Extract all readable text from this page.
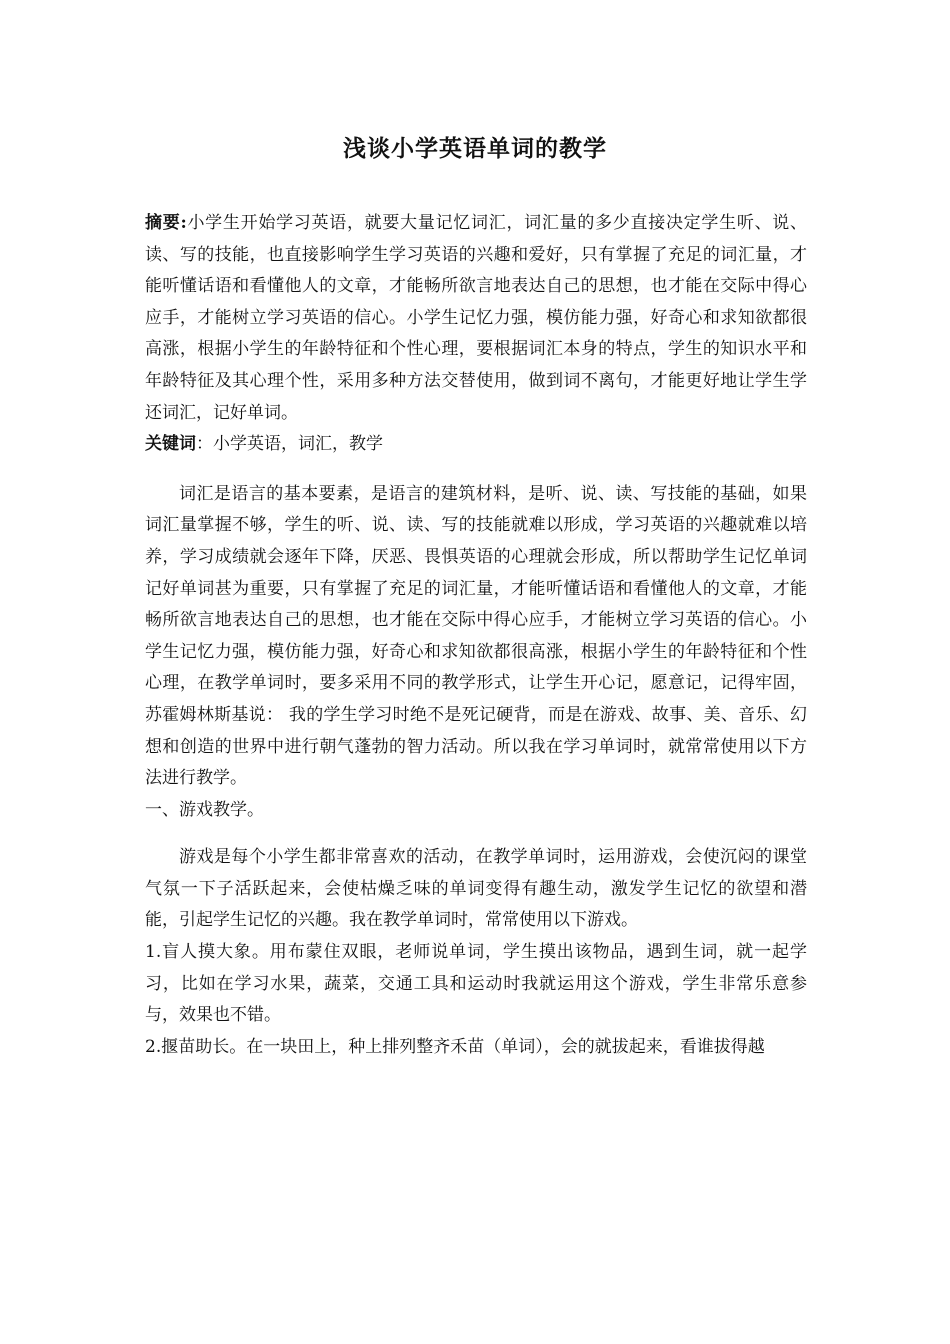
浅谈小学英语单词的教学

摘要:小学生开始学习英语，就要大量记忆词汇，词汇量的多少直接决定学生听、说、读、写的技能，也直接影响学生学习英语的兴趣和爱好，只有掌握了充足的词汇量，才能听懂话语和看懂他人的文章，才能畅所欲言地表达自己的思想，也才能在交际中得心应手，才能树立学习英语的信心。小学生记忆力强，模仿能力强，好奇心和求知欲都很高涨，根据小学生的年龄特征和个性心理，要根据词汇本身的特点，学生的知识水平和年龄特征及其心理个性，采用多种方法交替使用，做到词不离句，才能更好地让学生学还词汇，记好单词。

关键词：小学英语，词汇，教学

词汇是语言的基本要素，是语言的建筑材料，是听、说、读、写技能的基础，如果词汇量掌握不够，学生的听、说、读、写的技能就难以形成，学习英语的兴趣就难以培养，学习成绩就会逐年下降，厌恶、畏惧英语的心理就会形成，所以帮助学生记忆单词记好单词甚为重要，只有掌握了充足的词汇量，才能听懂话语和看懂他人的文章，才能畅所欲言地表达自己的思想，也才能在交际中得心应手，才能树立学习英语的信心。小学生记忆力强，模仿能力强，好奇心和求知欲都很高涨，根据小学生的年龄特征和个性心理，在教学单词时，要多采用不同的教学形式，让学生开心记，愿意记，记得牢固，苏霍姆林斯基说： 我的学生学习时绝不是死记硬背，而是在游戏、故事、美、音乐、幻想和创造的世界中进行朝气蓬勃的智力活动。所以我在学习单词时，就常常使用以下方法进行教学。

一、游戏教学。

游戏是每个小学生都非常喜欢的活动，在教学单词时，运用游戏，会使沉闷的课堂气氛一下子活跃起来，会使枯燥乏味的单词变得有趣生动，激发学生记忆的欲望和潜能，引起学生记忆的兴趣。我在教学单词时，常常使用以下游戏。

1.盲人摸大象。用布蒙住双眼，老师说单词，学生摸出该物品，遇到生词，就一起学习，比如在学习水果，蔬菜，交通工具和运动时我就运用这个游戏，学生非常乐意参与，效果也不错。

2.揠苗助长。在一块田上，种上排列整齐禾苗（单词），会的就拔起来，看谁拔得越
